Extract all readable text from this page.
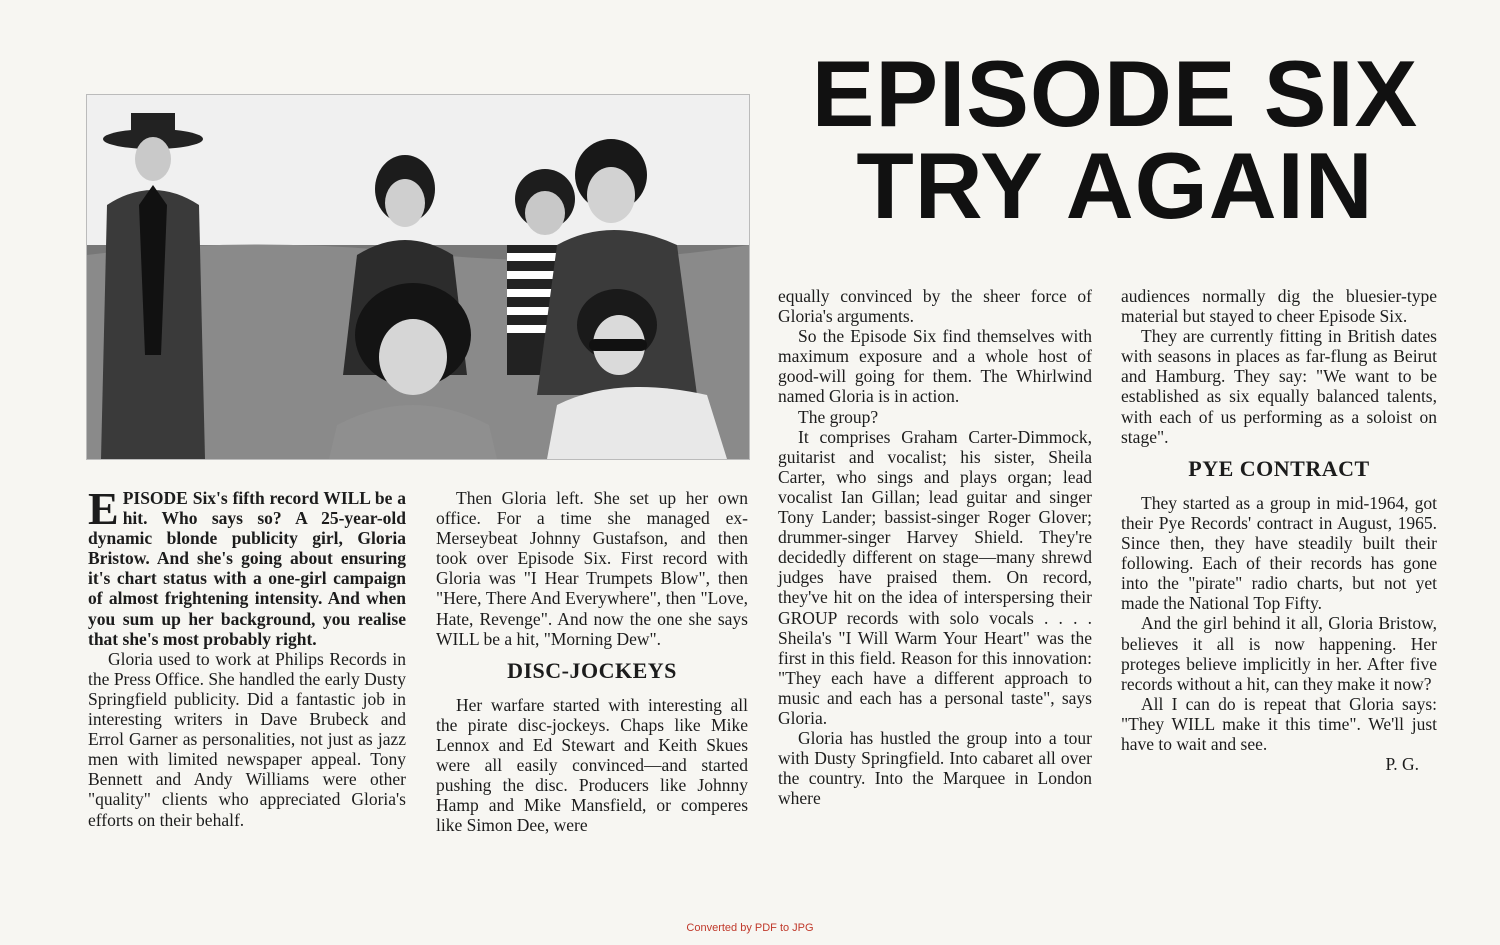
EPISODE SIX
TRY AGAIN

EPISODE Six's fifth record WILL be a hit. Who says so? A 25-year-old dynamic blonde publicity girl, Gloria Bristow. And she's going about ensuring it's chart status with a one-girl campaign of almost frightening intensity. And when you sum up her background, you realise that she's most probably right.

Gloria used to work at Philips Records in the Press Office. She handled the early Dusty Springfield publicity. Did a fantastic job in interesting writers in Dave Brubeck and Errol Garner as personalities, not just as jazz men with limited newspaper appeal. Tony Bennett and Andy Williams were other "quality" clients who appreciated Gloria's efforts on their behalf.

Then Gloria left. She set up her own office. For a time she managed ex-Merseybeat Johnny Gustafson, and then took over Episode Six. First record with Gloria was "I Hear Trumpets Blow", then "Here, There And Everywhere", then "Love, Hate, Revenge". And now the one she says WILL be a hit, "Morning Dew".

DISC-JOCKEYS

Her warfare started with interesting all the pirate disc-jockeys. Chaps like Mike Lennox and Ed Stewart and Keith Skues were all easily convinced—and started pushing the disc. Producers like Johnny Hamp and Mike Mansfield, or comperes like Simon Dee, were

equally convinced by the sheer force of Gloria's arguments.

So the Episode Six find themselves with maximum exposure and a whole host of good-will going for them. The Whirlwind named Gloria is in action.

The group?

It comprises Graham Carter-Dimmock, guitarist and vocalist; his sister, Sheila Carter, who sings and plays organ; lead vocalist Ian Gillan; lead guitar and singer Tony Lander; bassist-singer Roger Glover; drummer-singer Harvey Shield. They're decidedly different on stage—many shrewd judges have praised them. On record, they've hit on the idea of interspersing their GROUP records with solo vocals . . . . Sheila's "I Will Warm Your Heart" was the first in this field. Reason for this innovation: "They each have a different approach to music and each has a personal taste", says Gloria.

Gloria has hustled the group into a tour with Dusty Springfield. Into cabaret all over the country. Into the Marquee in London where

audiences normally dig the bluesier-type material but stayed to cheer Episode Six.

They are currently fitting in British dates with seasons in places as far-flung as Beirut and Hamburg. They say: "We want to be established as six equally balanced talents, with each of us performing as a soloist on stage".

PYE CONTRACT

They started as a group in mid-1964, got their Pye Records' contract in August, 1965. Since then, they have steadily built their following. Each of their records has gone into the "pirate" radio charts, but not yet made the National Top Fifty.

And the girl behind it all, Gloria Bristow, believes it all is now happening. Her proteges believe implicitly in her. After five records without a hit, can they make it now?

All I can do is repeat that Gloria says: "They WILL make it this time". We'll just have to wait and see.

P. G.

Converted by PDF to JPG
